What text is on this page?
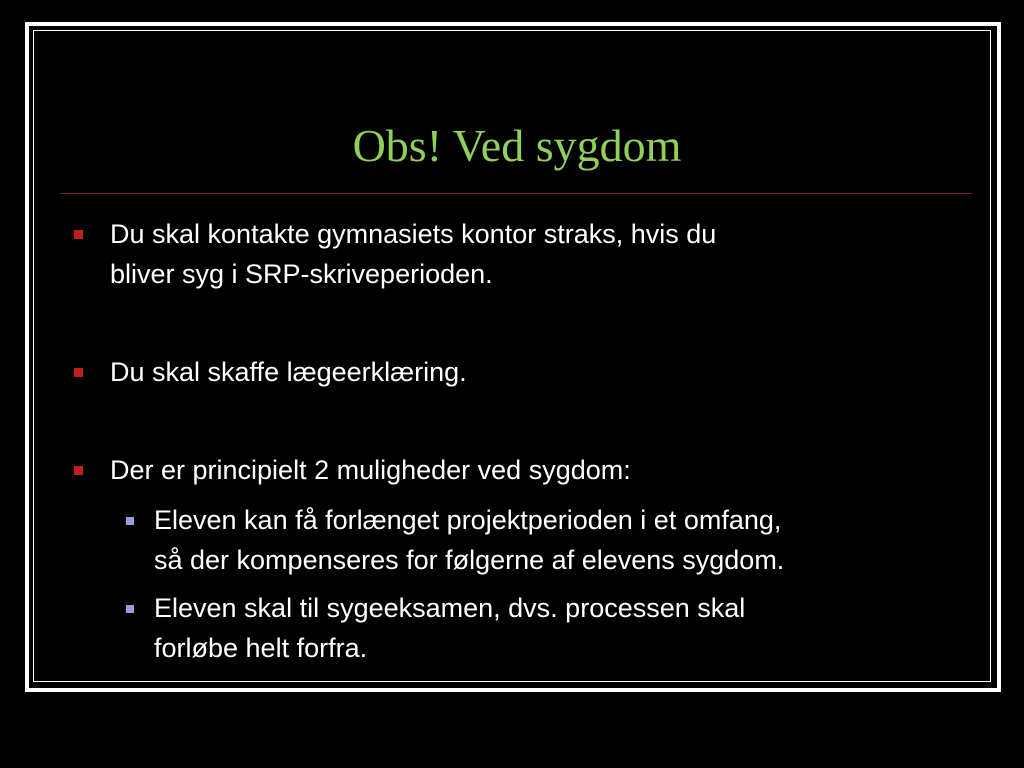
Obs! Ved sygdom
Du skal kontakte gymnasiets kontor straks, hvis du
bliver syg i SRP-skriveperioden.
Du skal skaffe lægeerklæring.
Der er principielt 2 muligheder ved sygdom:
Eleven kan få forlænget projektperioden i et omfang,
så der kompenseres for følgerne af elevens sygdom.
Eleven skal til sygeeksamen, dvs. processen skal
forløbe helt forfra.
